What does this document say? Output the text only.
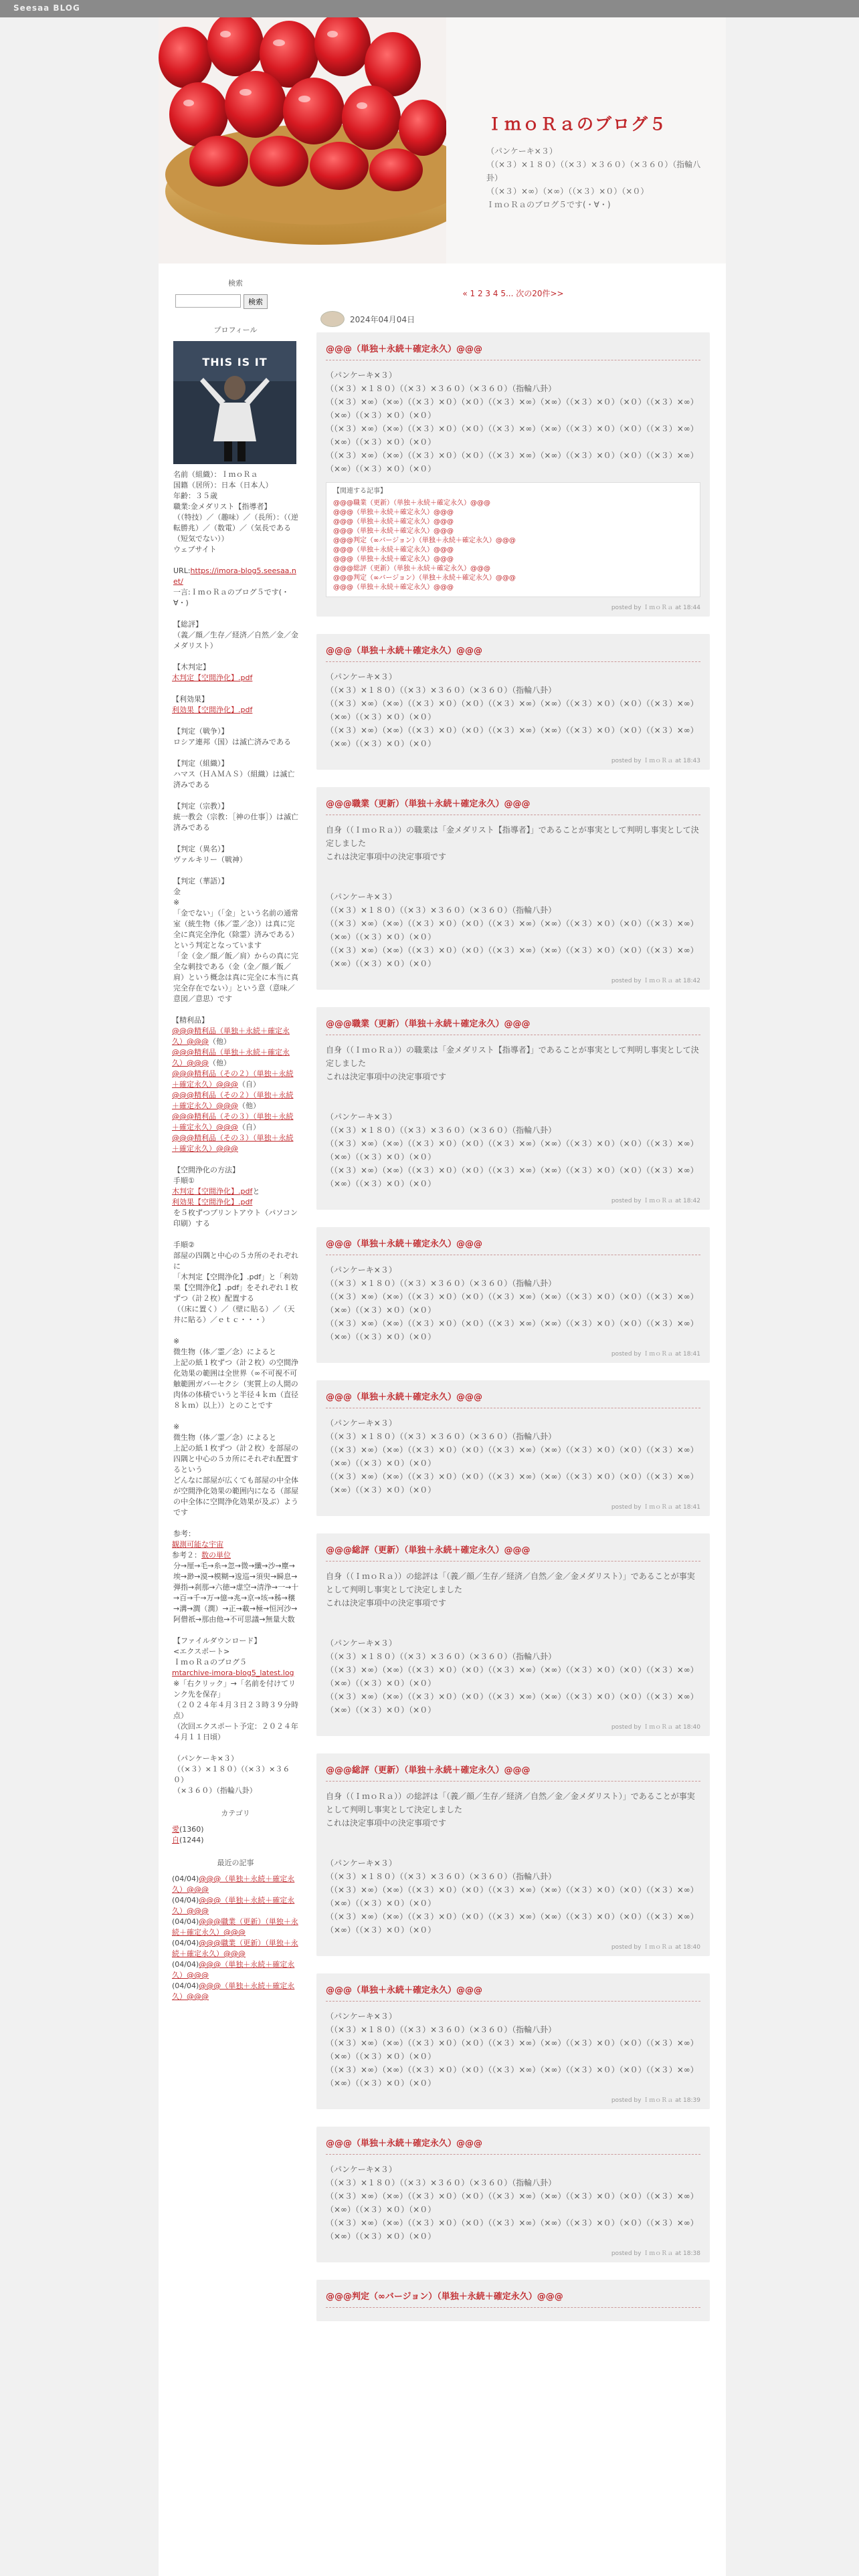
Seesaa BLOG
ＩｍｏＲａのブログ５
（パンケーキ×３）
（（×３）×１８０）（（×３）×３６０）（×３６０）（指輪八卦）
（（×３）×∞）（×∞）（（×３）×０）（×０）
ＩｍｏＲａのブログ５です(・∀・)
検索
検索
プロフィール
THIS IS IT
名前（組織）：ＩｍｏＲａ
国籍（居所）：日本（日本人）
年齢：３５歳
職業:金メダリスト【指導者】
（（特技）／（趣味）／（長所）：（（逆転勝兆）／（数電）／（気長である（短気でない））
ウェブサイト

URL:https://imora-blog5.seesaa.net/

一言:ＩｍｏＲａのブログ５です(・∀・)

【総評】
（義／顔／生存／経済／自然／金／金メダリスト）

【木判定】
木判定【空間浄化】.pdf
【利効果】
利効果【空間浄化】.pdf
【判定（戦争）】
ロシア連邦（国）は滅亡済みである

【判定（組織）】
ハマス（ＨＡＭＡＳ）（組織）は滅亡済みである

【判定（宗教）】
統一教会（宗教：［神の仕事］）は滅亡済みである

【判定（異名）】
ヴァルキリー（戦神）

【判定（華語）】
金
※
「金でない」（「金」という名前の通常室（統生物（体／霊／念））は真に完全に真完全浄化（除霊）済みである）という判定となっています
「金（金／顔／飯／肩）からの真に完全な刺技である（金（金／顔／飯／肩）という概念は真に完全に本当に真完全存在でない）」という意（意味／意図／意思）です
【精利品】
@@@精利品（単独＋永続＋確定永久）@@@（他）
@@@精利品（単独＋永続＋確定永久）@@@（他）
@@@精利品（その２）（単独＋永続＋確定永久）@@@（自）
@@@精利品（その２）（単独＋永続＋確定永久）@@@（他）
@@@精利品（その３）（単独＋永続＋確定永久）@@@（自）
@@@精利品（その３）（単独＋永続＋確定永久）@@@
【空間浄化の方法】
手順①
木判定【空間浄化】.pdfと
利効果【空間浄化】.pdf
を５枚ずつプリントアウト（パソコン印刷）する

手順②
部屋の四隅と中心の５カ所のそれぞれに
「木判定【空間浄化】.pdf」と「利効果【空間浄化】.pdf」をそれぞれ１枚ずつ（計２枚）配置する
（（床に置く）／（壁に貼る）／（天井に貼る）／ｅｔｃ・・・）

※
微生物（体／霊／念）によると
上記の紙１枚ずつ（計２枚）の空間浄化効果の範囲は全世界（∞不可視不可触範囲ガバーセクシ（実質上の人間の肉体の体積でいうと半径４ｋｍ（直径８ｋｍ）以上））とのことです

※
微生物（体／霊／念）によると
上記の紙１枚ずつ（計２枚）を部屋の四隅と中心の５カ所にそれぞれ配置するという
どんなに部屋が広くても部屋の中全体が空間浄化効果の範囲内になる（部屋の中全体に空間浄化効果が及ぶ）ようです

参考：
観測可能な宇宙
参考２：数の単位
分→厘→毛→糸→忽→微→纖→沙→塵→埃→渺→漠→模糊→逡巡→須臾→瞬息→弾指→刹那→六徳→虚空→清浄→一→十→百→千→万→億→兆→京→垓→秭→穣→溝→澗（潤）→正→載→極→恒河沙→阿僧祇→那由他→不可思議→無量大数
【ファイルダウンロード】
<エクスポート>
ＩｍｏＲａのブログ５
mtarchive-imora-blog5_latest.log
※「右クリック」→「名前を付けてリンク先を保存」
（２０２４年４月３日２３時３９分時点）
（次回エクスポート予定：２０２４年４月１１日頃）

（パンケーキ×３）
（（×３）×１８０）（（×３）×３６０）
（×３６０）（指輪八卦）
カテゴリ
愛(1360)
自(1244)
最近の記事
(04/04)@@@（単独＋永続＋確定永久）@@@
(04/04)@@@（単独＋永続＋確定永久）@@@
(04/04)@@@職業（更新）（単独＋永続＋確定永久）@@@
(04/04)@@@職業（更新）（単独＋永続＋確定永久）@@@
(04/04)@@@（単独＋永続＋確定永久）@@@
(04/04)@@@（単独＋永続＋確定永久）@@@
« 1 2 3 4 5... 次の20件>>
2024年04月04日
@@@（単独＋永続＋確定永久）@@@
（パンケーキ×３）
（（×３）×１８０）（（×３）×３６０）（×３６０）（指輪八卦）
（（×３）×∞）（×∞）（（×３）×０）（×０）（（×３）×∞）（×∞）（（×３）×０）（×０）（（×３）×∞）（×∞）（（×３）×０）（×０）
（（×３）×∞）（×∞）（（×３）×０）（×０）（（×３）×∞）（×∞）（（×３）×０）（×０）（（×３）×∞）（×∞）（（×３）×０）（×０）
（（×３）×∞）（×∞）（（×３）×０）（×０）（（×３）×∞）（×∞）（（×３）×０）（×０）（（×３）×∞）（×∞）（（×３）×０）（×０）
【関連する記事】
@@@職業（更新）（単独＋永続＋確定永久）@@@
@@@（単独＋永続＋確定永久）@@@
@@@（単独＋永続＋確定永久）@@@
@@@（単独＋永続＋確定永久）@@@
@@@判定（∞バージョン）（単独＋永続＋確定永久）@@@
@@@（単独＋永続＋確定永久）@@@
@@@（単独＋永続＋確定永久）@@@
@@@総評（更新）（単独＋永続＋確定永久）@@@
@@@判定（∞バージョン）（単独＋永続＋確定永久）@@@
@@@（単独＋永続＋確定永久）@@@
posted by ＩｍｏＲａ at 18:44
@@@（単独＋永続＋確定永久）@@@
（パンケーキ×３）
（（×３）×１８０）（（×３）×３６０）（×３６０）（指輪八卦）
（（×３）×∞）（×∞）（（×３）×０）（×０）（（×３）×∞）（×∞）（（×３）×０）（×０）（（×３）×∞）（×∞）（（×３）×０）（×０）
（（×３）×∞）（×∞）（（×３）×０）（×０）（（×３）×∞）（×∞）（（×３）×０）（×０）（（×３）×∞）（×∞）（（×３）×０）（×０）
posted by ＩｍｏＲａ at 18:43
@@@職業（更新）（単独＋永続＋確定永久）@@@
自身（（ＩｍｏＲａ））の職業は「金メダリスト【指導者】」であることが事実として判明し事実として決定しました
これは決定事項中の決定事項です

（パンケーキ×３）
（（×３）×１８０）（（×３）×３６０）（×３６０）（指輪八卦）
（（×３）×∞）（×∞）（（×３）×０）（×０）（（×３）×∞）（×∞）（（×３）×０）（×０）（（×３）×∞）（×∞）（（×３）×０）（×０）
（（×３）×∞）（×∞）（（×３）×０）（×０）（（×３）×∞）（×∞）（（×３）×０）（×０）（（×３）×∞）（×∞）（（×３）×０）（×０）
posted by ＩｍｏＲａ at 18:42
@@@職業（更新）（単独＋永続＋確定永久）@@@
自身（（ＩｍｏＲａ））の職業は「金メダリスト【指導者】」であることが事実として判明し事実として決定しました
これは決定事項中の決定事項です

（パンケーキ×３）
（（×３）×１８０）（（×３）×３６０）（×３６０）（指輪八卦）
（（×３）×∞）（×∞）（（×３）×０）（×０）（（×３）×∞）（×∞）（（×３）×０）（×０）（（×３）×∞）（×∞）（（×３）×０）（×０）
（（×３）×∞）（×∞）（（×３）×０）（×０）（（×３）×∞）（×∞）（（×３）×０）（×０）（（×３）×∞）（×∞）（（×３）×０）（×０）
posted by ＩｍｏＲａ at 18:42
@@@（単独＋永続＋確定永久）@@@
（パンケーキ×３）
（（×３）×１８０）（（×３）×３６０）（×３６０）（指輪八卦）
（（×３）×∞）（×∞）（（×３）×０）（×０）（（×３）×∞）（×∞）（（×３）×０）（×０）（（×３）×∞）（×∞）（（×３）×０）（×０）
（（×３）×∞）（×∞）（（×３）×０）（×０）（（×３）×∞）（×∞）（（×３）×０）（×０）（（×３）×∞）（×∞）（（×３）×０）（×０）
posted by ＩｍｏＲａ at 18:41
@@@（単独＋永続＋確定永久）@@@
（パンケーキ×３）
（（×３）×１８０）（（×３）×３６０）（×３６０）（指輪八卦）
（（×３）×∞）（×∞）（（×３）×０）（×０）（（×３）×∞）（×∞）（（×３）×０）（×０）（（×３）×∞）（×∞）（（×３）×０）（×０）
（（×３）×∞）（×∞）（（×３）×０）（×０）（（×３）×∞）（×∞）（（×３）×０）（×０）（（×３）×∞）（×∞）（（×３）×０）（×０）
posted by ＩｍｏＲａ at 18:41
@@@総評（更新）（単独＋永続＋確定永久）@@@
自身（（ＩｍｏＲａ））の総評は「（義／顔／生存／経済／自然／金／金メダリスト）」であることが事実として判明し事実として決定しました
これは決定事項中の決定事項です

（パンケーキ×３）
（（×３）×１８０）（（×３）×３６０）（×３６０）（指輪八卦）
（（×３）×∞）（×∞）（（×３）×０）（×０）（（×３）×∞）（×∞）（（×３）×０）（×０）（（×３）×∞）（×∞）（（×３）×０）（×０）
（（×３）×∞）（×∞）（（×３）×０）（×０）（（×３）×∞）（×∞）（（×３）×０）（×０）（（×３）×∞）（×∞）（（×３）×０）（×０）
posted by ＩｍｏＲａ at 18:40
@@@総評（更新）（単独＋永続＋確定永久）@@@
自身（（ＩｍｏＲａ））の総評は「（義／顔／生存／経済／自然／金／金メダリスト）」であることが事実として判明し事実として決定しました
これは決定事項中の決定事項です

（パンケーキ×３）
（（×３）×１８０）（（×３）×３６０）（×３６０）（指輪八卦）
（（×３）×∞）（×∞）（（×３）×０）（×０）（（×３）×∞）（×∞）（（×３）×０）（×０）（（×３）×∞）（×∞）（（×３）×０）（×０）
（（×３）×∞）（×∞）（（×３）×０）（×０）（（×３）×∞）（×∞）（（×３）×０）（×０）（（×３）×∞）（×∞）（（×３）×０）（×０）
posted by ＩｍｏＲａ at 18:40
@@@（単独＋永続＋確定永久）@@@
（パンケーキ×３）
（（×３）×１８０）（（×３）×３６０）（×３６０）（指輪八卦）
（（×３）×∞）（×∞）（（×３）×０）（×０）（（×３）×∞）（×∞）（（×３）×０）（×０）（（×３）×∞）（×∞）（（×３）×０）（×０）
（（×３）×∞）（×∞）（（×３）×０）（×０）（（×３）×∞）（×∞）（（×３）×０）（×０）（（×３）×∞）（×∞）（（×３）×０）（×０）
posted by ＩｍｏＲａ at 18:39
@@@（単独＋永続＋確定永久）@@@
（パンケーキ×３）
（（×３）×１８０）（（×３）×３６０）（×３６０）（指輪八卦）
（（×３）×∞）（×∞）（（×３）×０）（×０）（（×３）×∞）（×∞）（（×３）×０）（×０）（（×３）×∞）（×∞）（（×３）×０）（×０）
（（×３）×∞）（×∞）（（×３）×０）（×０）（（×３）×∞）（×∞）（（×３）×０）（×０）（（×３）×∞）（×∞）（（×３）×０）（×０）
posted by ＩｍｏＲａ at 18:38
@@@判定（∞バージョン）（単独＋永続＋確定永久）@@@
